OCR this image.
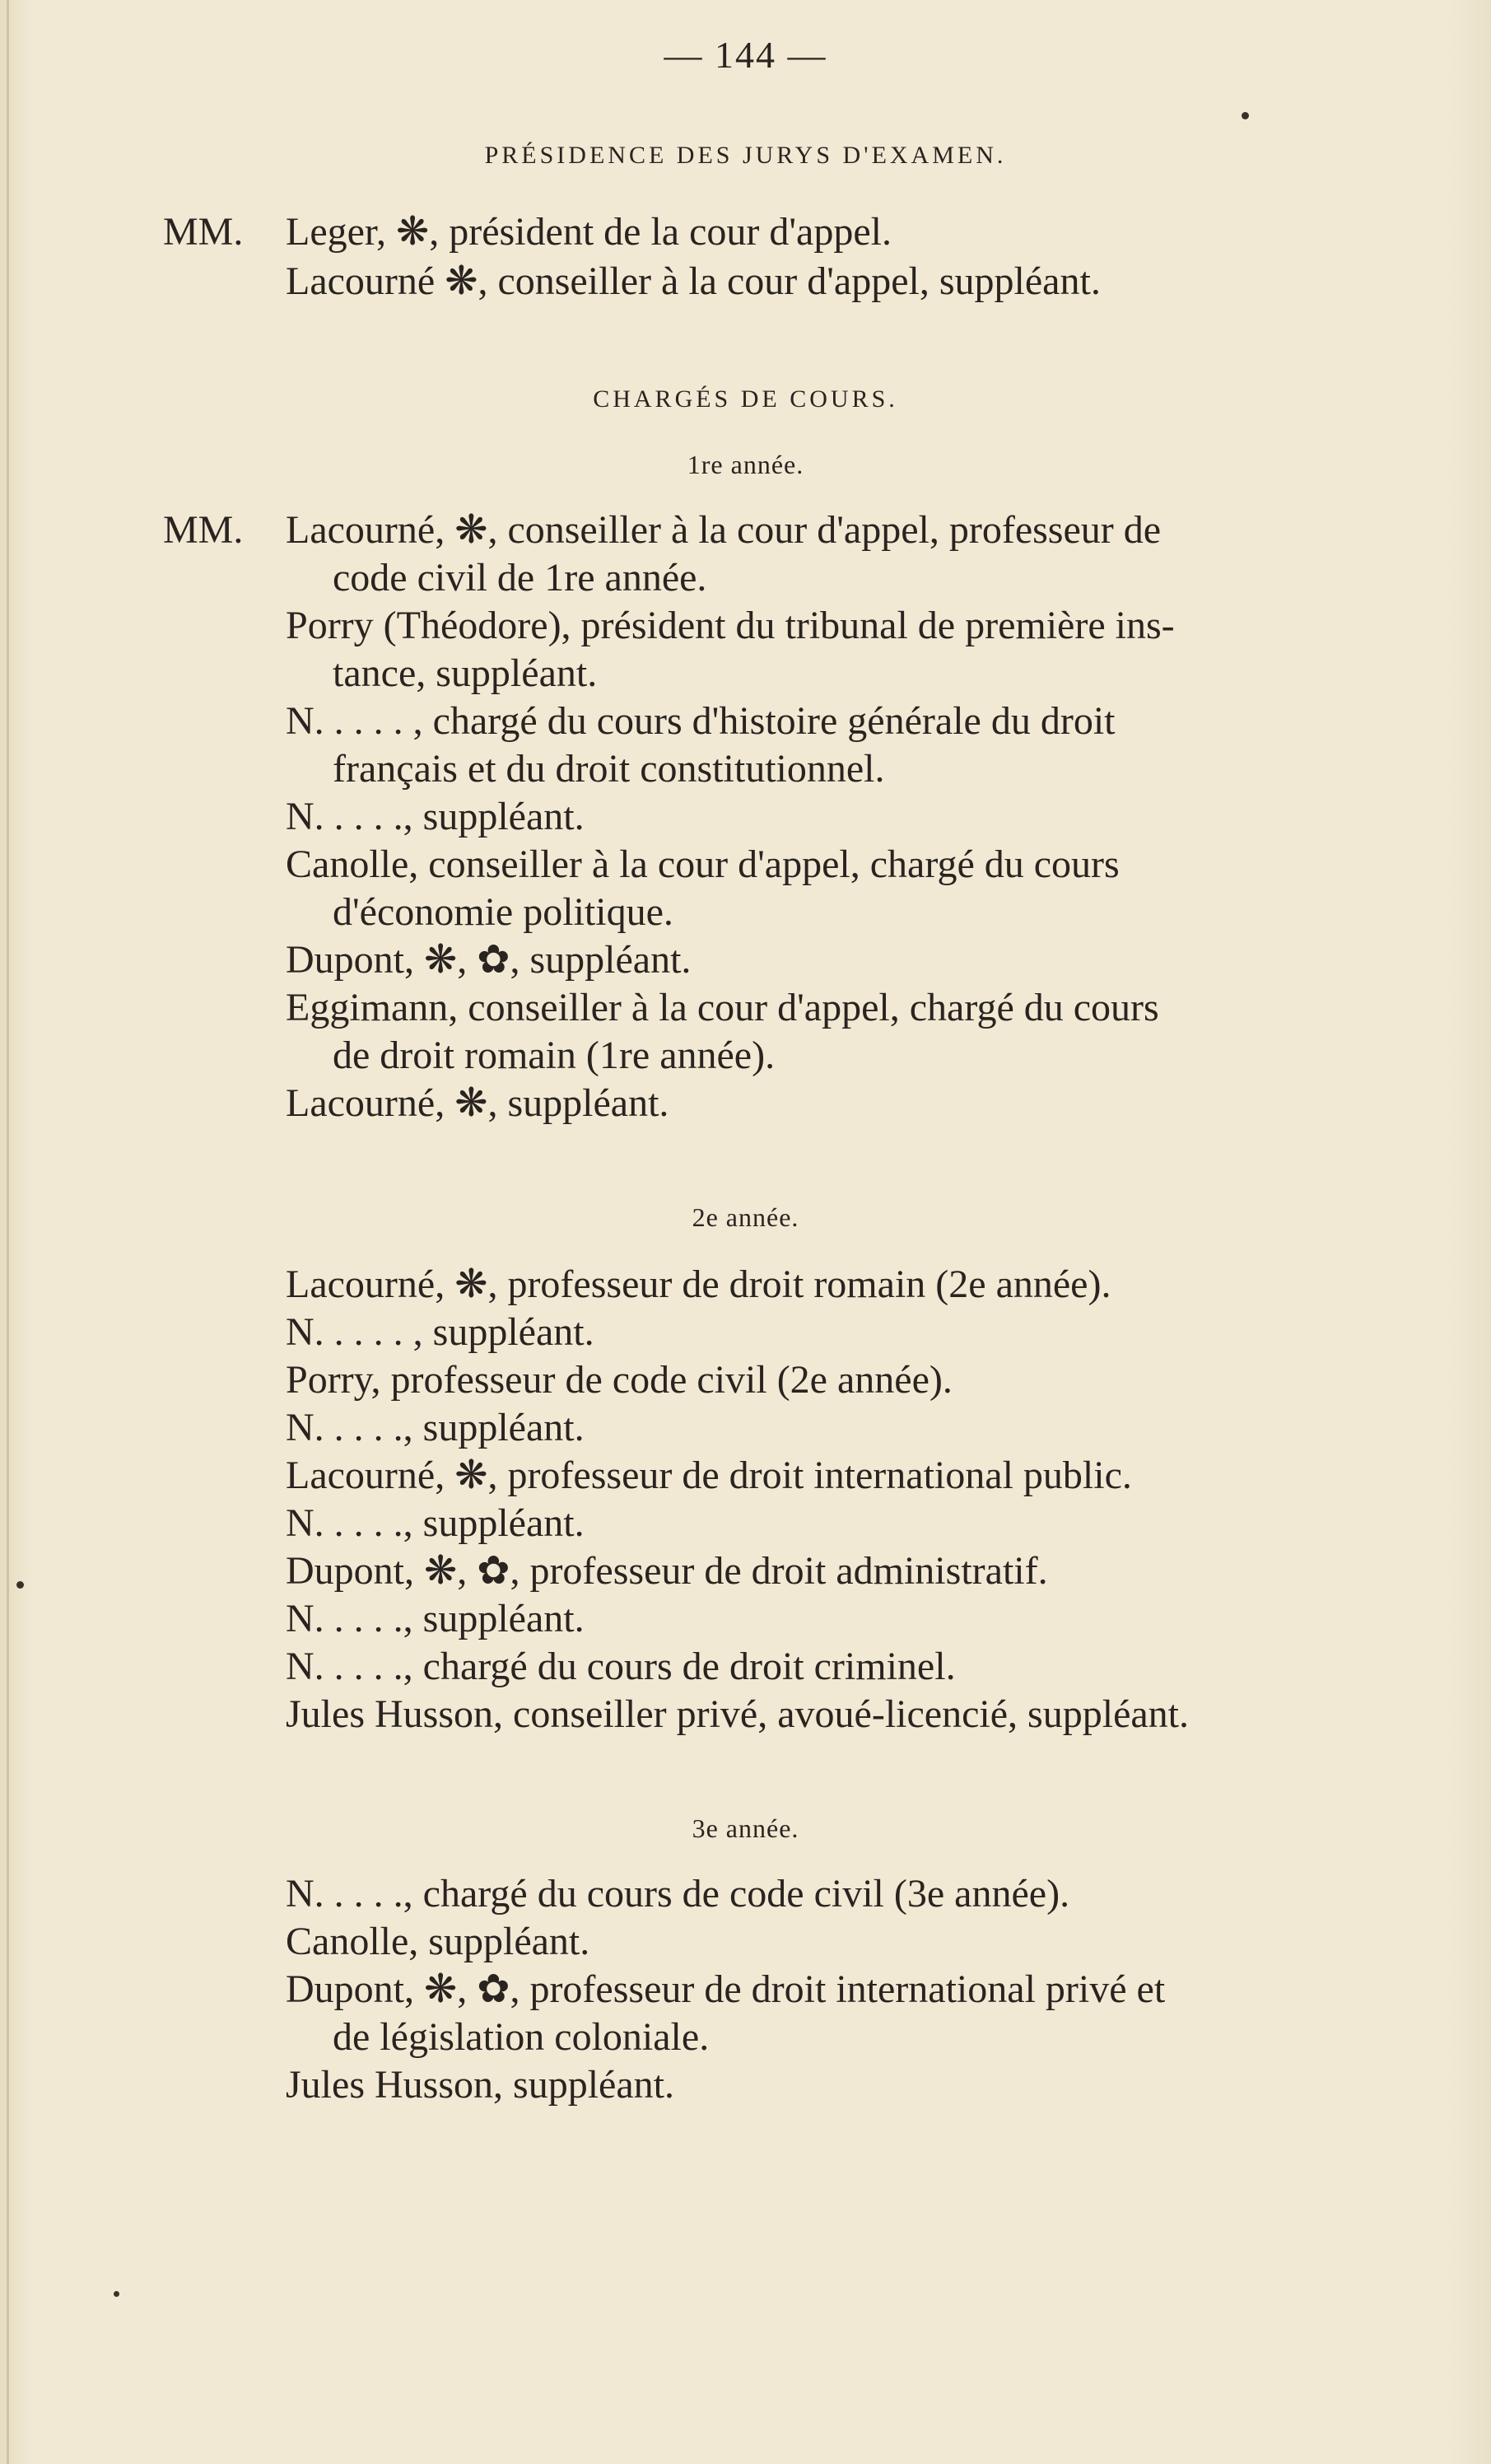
— 144 —
PRÉSIDENCE DES JURYS D'EXAMEN.
MM. Leger, ❋, président de la cour d'appel.
Lacourné ❋, conseiller à la cour d'appel, suppléant.
CHARGÉS DE COURS.
1re année.
MM. Lacourné, ❋, conseiller à la cour d'appel, professeur de
code civil de 1re année.
Porry (Théodore), président du tribunal de première ins-
tance, suppléant.
N. . . . . , chargé du cours d'histoire générale du droit
français et du droit constitutionnel.
N. . . . ., suppléant.
Canolle, conseiller à la cour d'appel, chargé du cours
d'économie politique.
Dupont, ❋, ✿, suppléant.
Eggimann, conseiller à la cour d'appel, chargé du cours
de droit romain (1re année).
Lacourné, ❋, suppléant.
2e année.
Lacourné, ❋, professeur de droit romain (2e année).
N. . . . . , suppléant.
Porry, professeur de code civil (2e année).
N. . . . ., suppléant.
Lacourné, ❋, professeur de droit international public.
N. . . . ., suppléant.
Dupont, ❋, ✿, professeur de droit administratif.
N. . . . ., suppléant.
N. . . . ., chargé du cours de droit criminel.
Jules Husson, conseiller privé, avoué-licencié, suppléant.
3e année.
N. . . . ., chargé du cours de code civil (3e année).
Canolle, suppléant.
Dupont, ❋, ✿, professeur de droit international privé et
de législation coloniale.
Jules Husson, suppléant.
